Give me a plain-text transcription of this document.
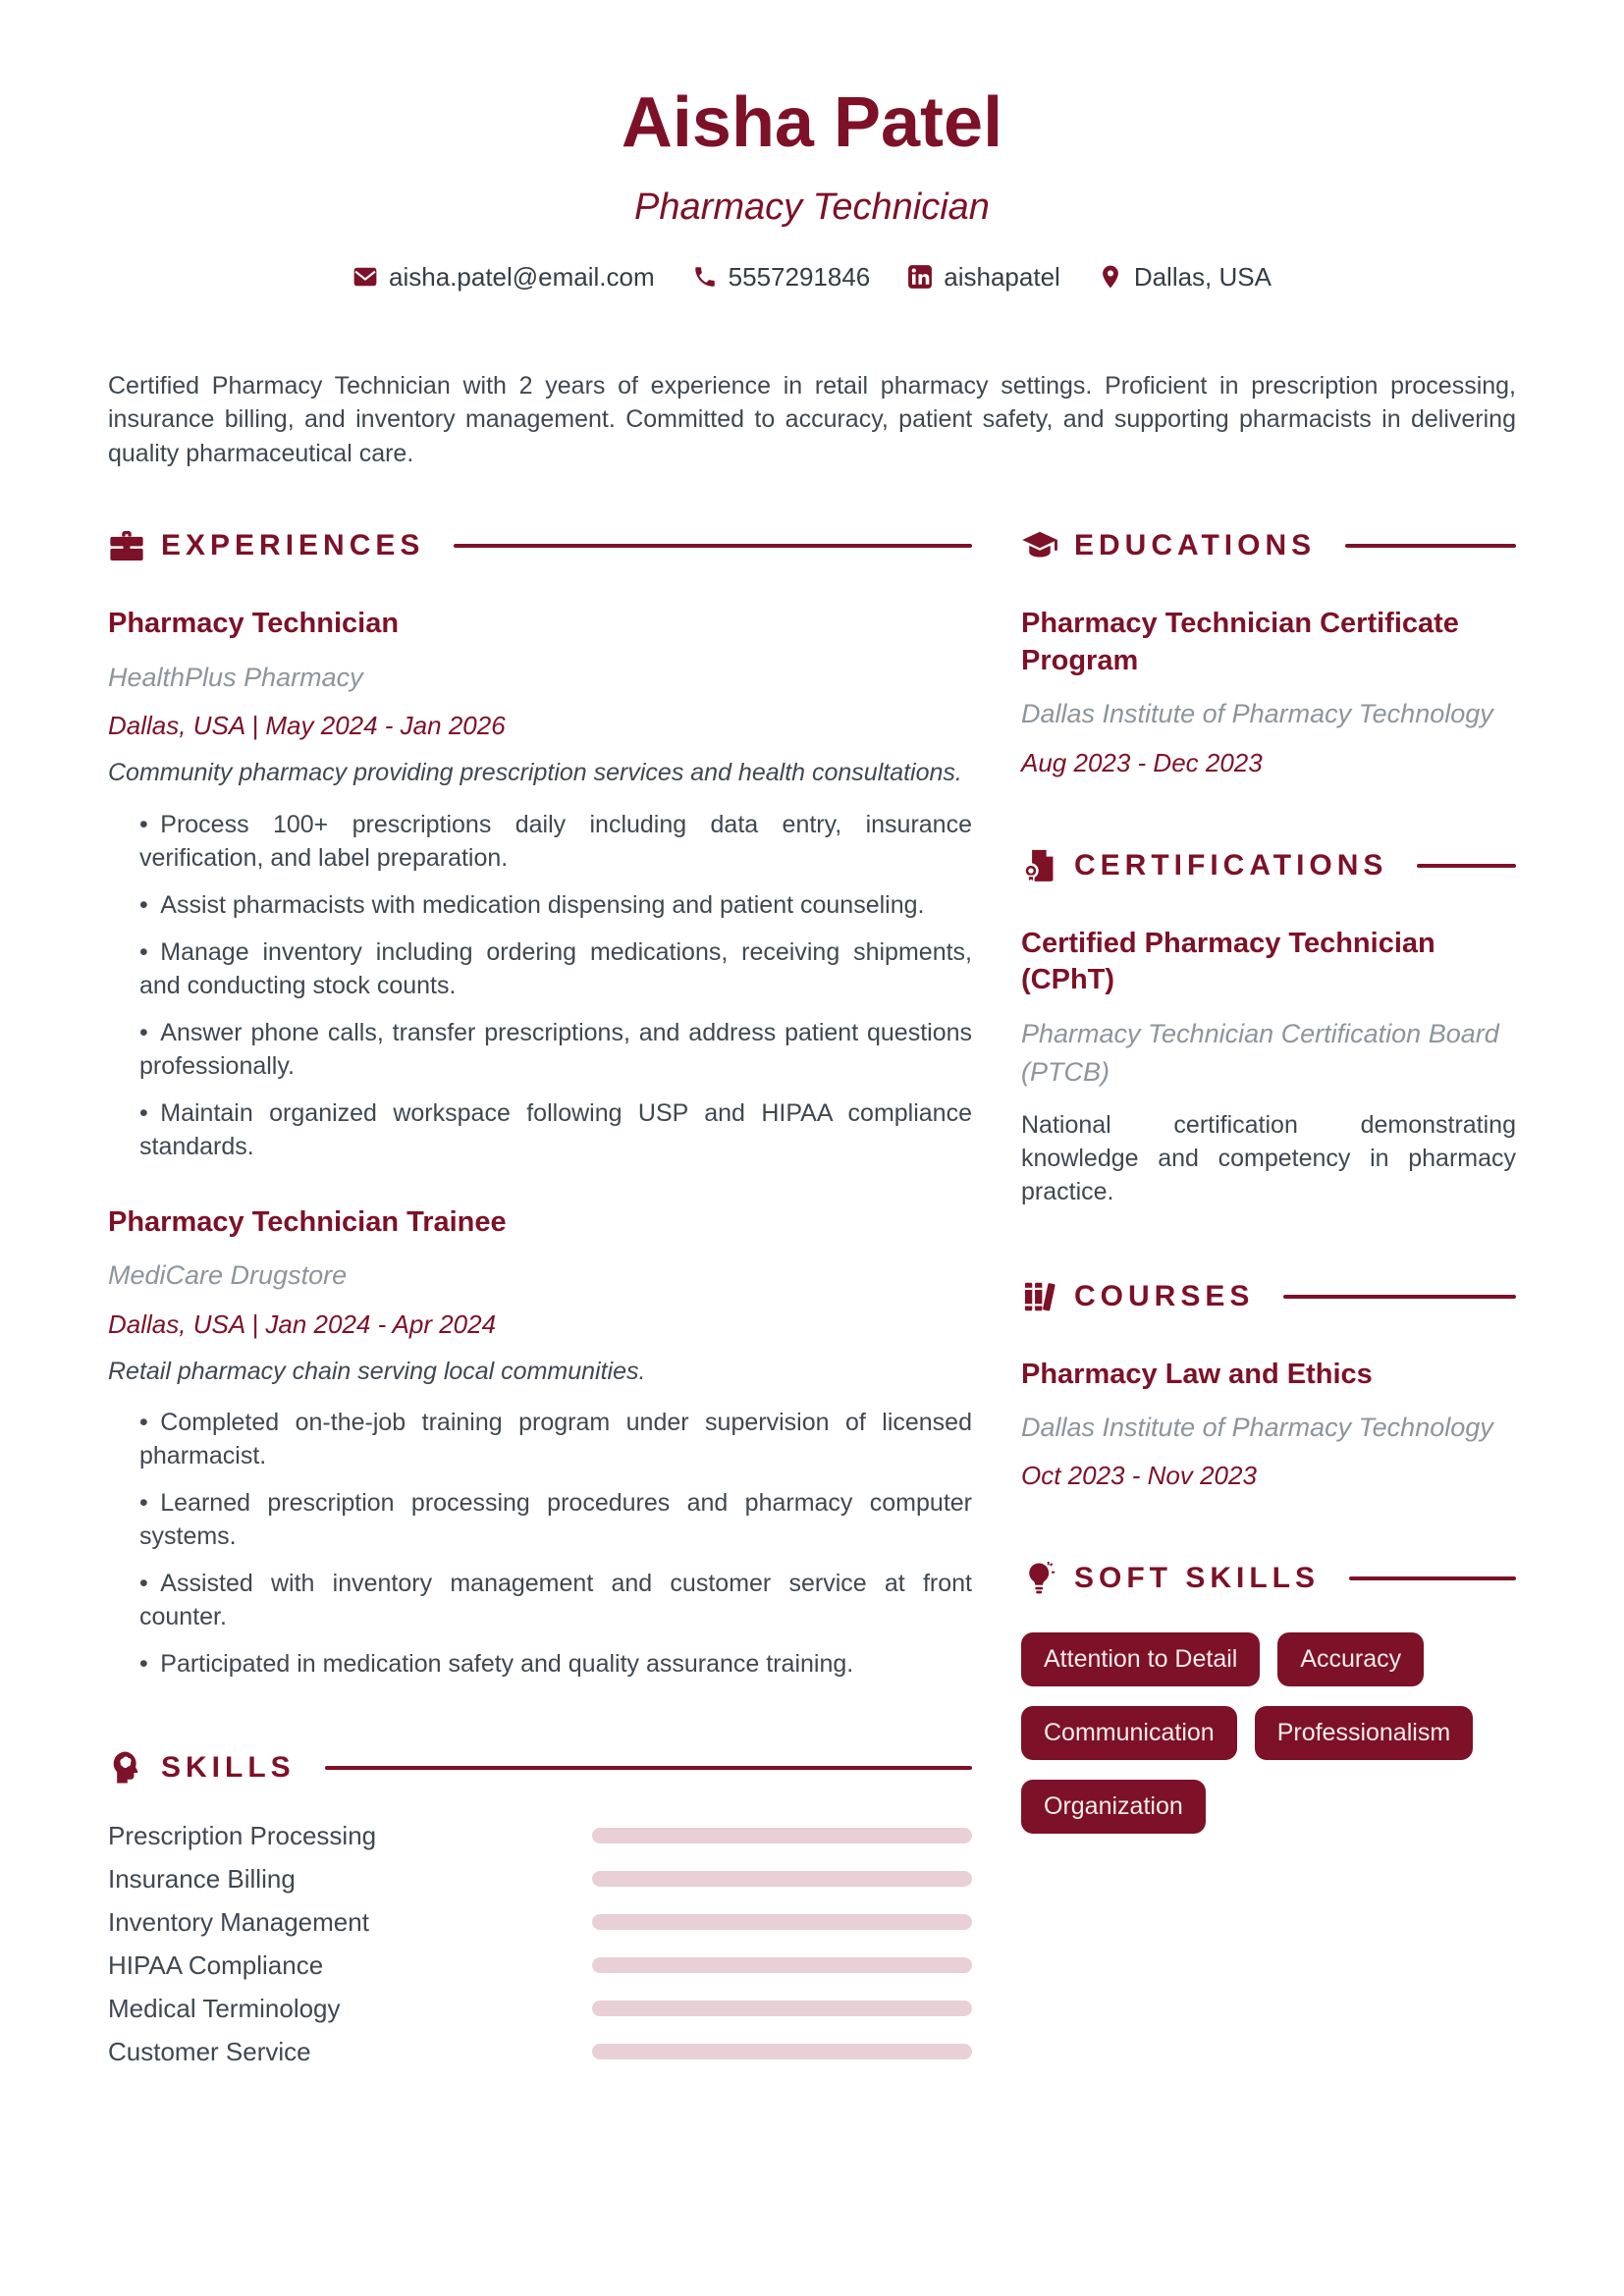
Aisha Patel
Pharmacy Technician
aisha.patel@email.com	5557291846	aishapatel	Dallas, USA

Certified Pharmacy Technician with 2 years of experience in retail pharmacy settings. Proficient in prescription processing, insurance billing, and inventory management. Committed to accuracy, patient safety, and supporting pharmacists in delivering quality pharmaceutical care.

EXPERIENCES
Pharmacy Technician
HealthPlus Pharmacy
Dallas, USA | May 2024 - Jan 2026
Community pharmacy providing prescription services and health consultations.
• Process 100+ prescriptions daily including data entry, insurance verification, and label preparation.
• Assist pharmacists with medication dispensing and patient counseling.
• Manage inventory including ordering medications, receiving shipments, and conducting stock counts.
• Answer phone calls, transfer prescriptions, and address patient questions professionally.
• Maintain organized workspace following USP and HIPAA compliance standards.
Pharmacy Technician Trainee
MediCare Drugstore
Dallas, USA | Jan 2024 - Apr 2024
Retail pharmacy chain serving local communities.
• Completed on-the-job training program under supervision of licensed pharmacist.
• Learned prescription processing procedures and pharmacy computer systems.
• Assisted with inventory management and customer service at front counter.
• Participated in medication safety and quality assurance training.
SKILLS
Prescription Processing
Insurance Billing
Inventory Management
HIPAA Compliance
Medical Terminology
Customer Service
EDUCATIONS
Pharmacy Technician Certificate Program
Dallas Institute of Pharmacy Technology
Aug 2023 - Dec 2023
CERTIFICATIONS
Certified Pharmacy Technician (CPhT)
Pharmacy Technician Certification Board (PTCB)
National certification demonstrating knowledge and competency in pharmacy practice.
COURSES
Pharmacy Law and Ethics
Dallas Institute of Pharmacy Technology
Oct 2023 - Nov 2023
SOFT SKILLS
Attention to Detail	Accuracy
Communication	Professionalism
Organization
